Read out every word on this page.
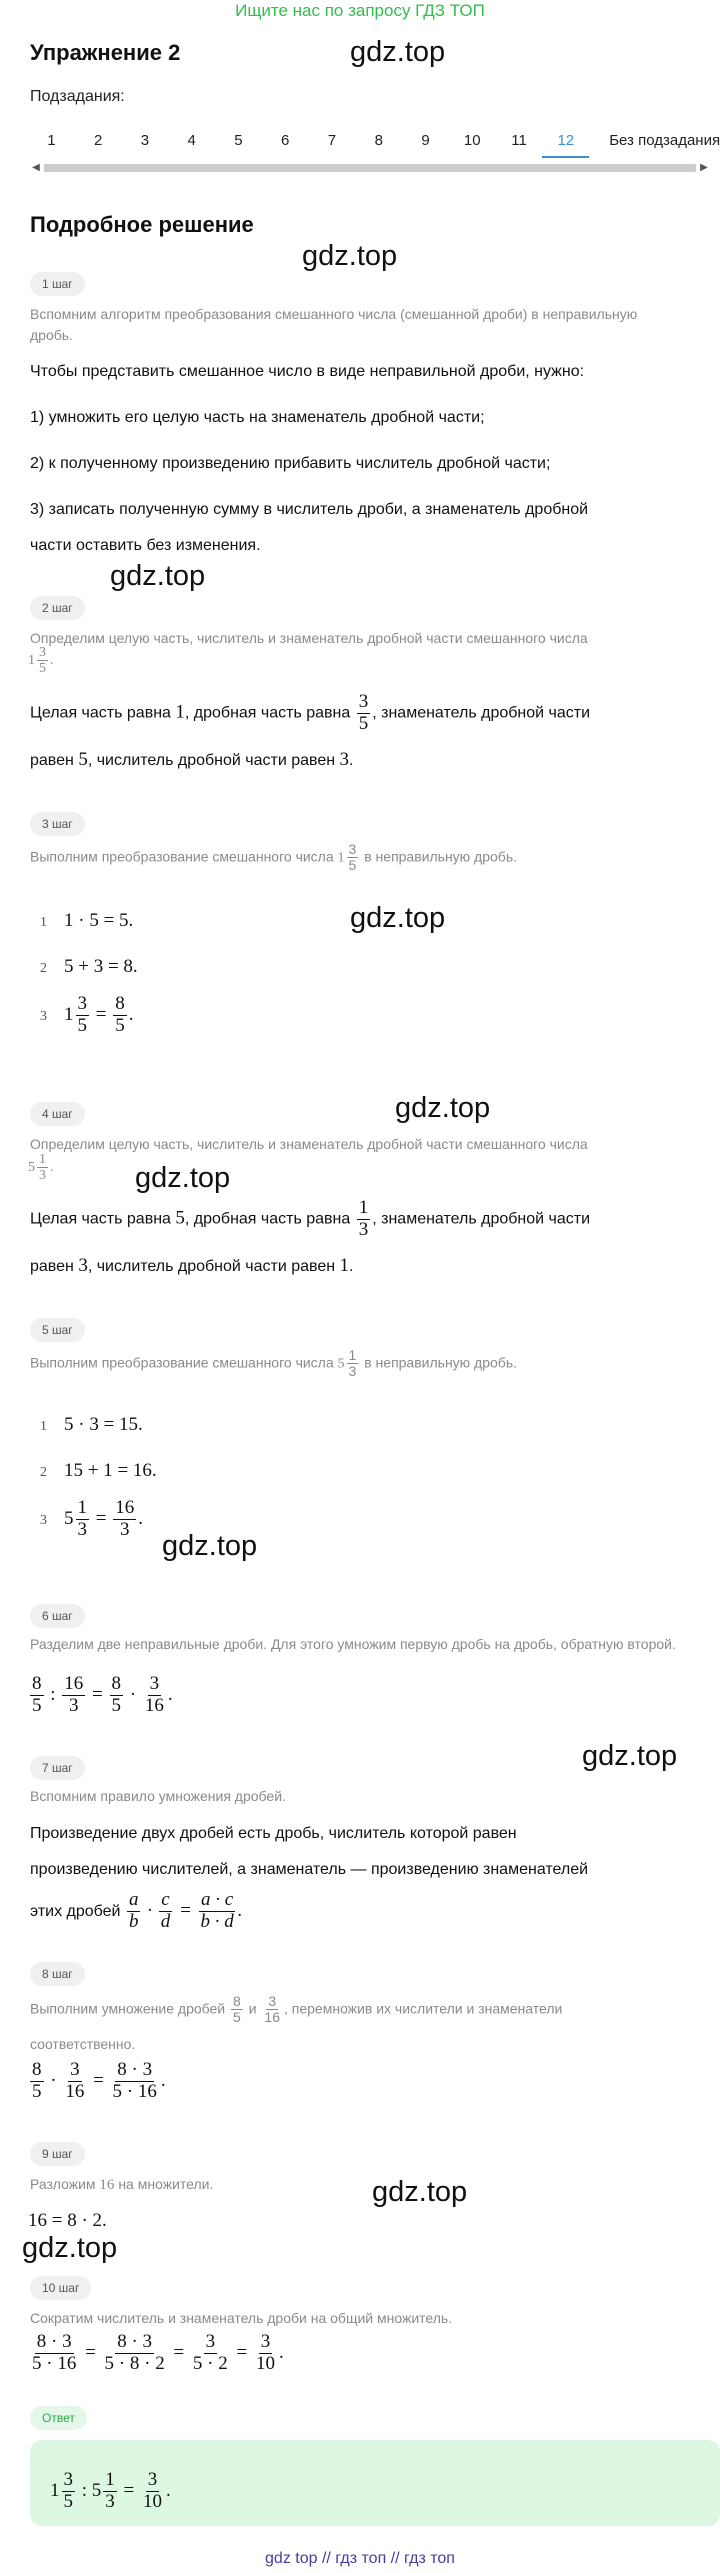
Ищите нас по запросу ГДЗ ТОП
Упражнение 2	gdz.top
Подзадания:
1	2	3	4	5	6	7	8	9	10	11	12	Без подзадания
◀	▶
Подробное решение
gdz.top
1 шаг
Вспомним алгоритм преобразования смешанного числа (смешанной дроби) в неправильную дробь.
Чтобы представить смешанное число в виде неправильной дроби, нужно:
1) умножить его целую часть на знаменатель дробной части;
2) к полученному произведению прибавить числитель дробной части;
3) записать полученную сумму в числитель дроби, а знаменатель дробной
части оставить без изменения.
gdz.top
2 шаг
Определим целую часть, числитель и знаменатель дробной части смешанного числа
$1 \frac{3}{5}$ .
Целая часть равна 1, дробная часть равна $\frac{3}{5}$ , знаменатель дробной части
равен 5, числитель дробной части равен 3.
3 шаг
Выполним преобразование смешанного числа $1 \frac{3}{5}$ в неправильную дробь.
1 1 · 5 = 5.	gdz.top
2 5 + 3 = 8.
3 $1 \frac{3}{5} = \frac{8}{5}$ .
gdz.top
4 шаг
Определим целую часть, числитель и знаменатель дробной части смешанного числа
$5 \frac{1}{3}$ .	gdz.top
Целая часть равна 5, дробная часть равна $\frac{1}{3}$ , знаменатель дробной части
равен 3, числитель дробной части равен 1.
5 шаг
Выполним преобразование смешанного числа $5 \frac{1}{3}$ в неправильную дробь.
1 5 · 3 = 15.
2 15 + 1 = 16.
3 $5 \frac{1}{3} = \frac{16}{3}$ .
gdz.top
6 шаг
Разделим две неправильные дроби. Для этого умножим первую дробь на дробь, обратную второй.
$\frac{8}{5}$ : $\frac{16}{3} = \frac{8}{5} \cdot \frac{3}{16}$ .
gdz.top
7 шаг
Вспомним правило умножения дробей.
Произведение двух дробей есть дробь, числитель которой равен
произведению числителей, а знаменатель — произведению знаменателей
этих дробей $\frac{a}{b} \cdot \frac{c}{d} = \frac{a \cdot c}{b \cdot d}$ .
8 шаг
Выполним умножение дробей $\frac{8}{5}$ и $\frac{3}{16}$ , перемножив их числители и знаменатели
соответственно.
$\frac{8}{5} \cdot \frac{3}{16} = \frac{8 \cdot 3}{5 \cdot 16}$ .
9 шаг
Разложим 16 на множители.	gdz.top
16 = 8 · 2.
gdz.top
10 шаг
Сократим числитель и знаменатель дроби на общий множитель.
$\frac{8 \cdot 3}{5 \cdot 16} = \frac{8 \cdot 3}{5 \cdot 8 \cdot 2} = \frac{3}{5 \cdot 2} = \frac{3}{10}$ .
Ответ
$1 \frac{3}{5}$ : $5 \frac{1}{3} = \frac{3}{10}$ .
gdz top // гдз топ // гдз топ
